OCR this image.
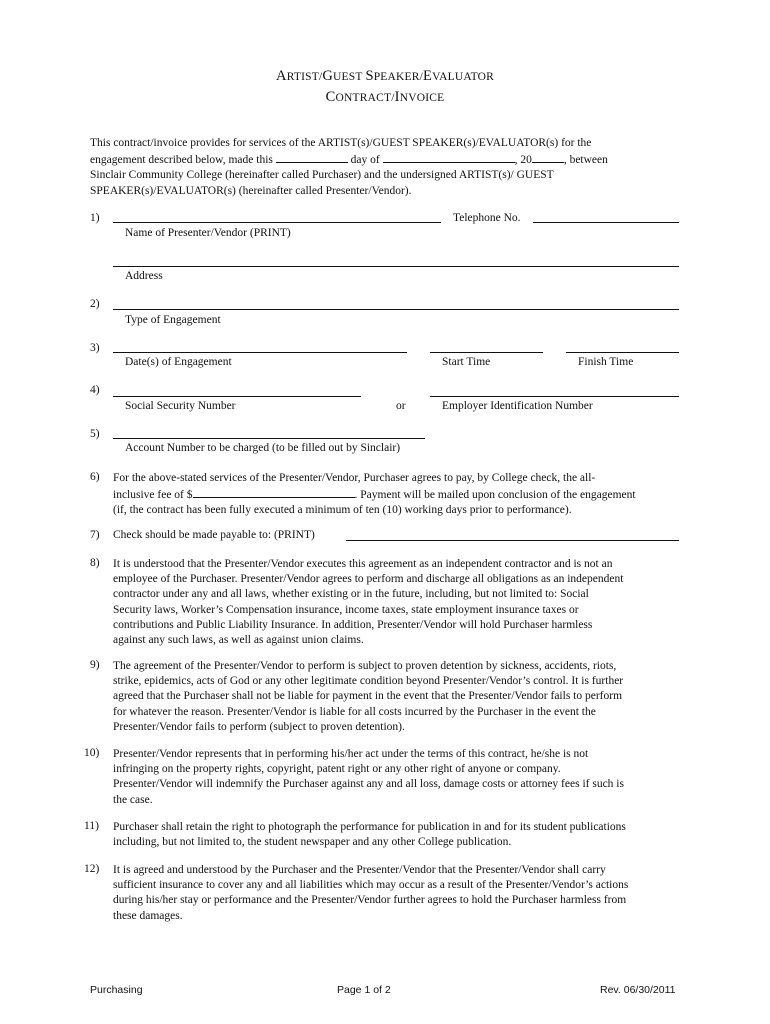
ARTIST/GUEST SPEAKER/EVALUATOR
CONTRACT/INVOICE
This contract/invoice provides for services of the ARTIST(s)/GUEST SPEAKER(s)/EVALUATOR(s) for the
engagement described below, made this	day of	, 20	, between
Sinclair Community College (hereinafter called Purchaser) and the undersigned ARTIST(s)/ GUEST
SPEAKER(s)/EVALUATOR(s) (hereinafter called Presenter/Vendor).
1)
Name of Presenter/Vendor (PRINT)
Telephone No.
Address
2)
Type of Engagement
3)
Date(s) of Engagement	Start Time	Finish Time
4)
Social Security Number	or	Employer Identification Number
5)
Account Number to be charged (to be filled out by Sinclair)
6) For the above-stated services of the Presenter/Vendor, Purchaser agrees to pay, by College check, the all-
inclusive fee of $	. Payment will be mailed upon conclusion of the engagement
(if, the contract has been fully executed a minimum of ten (10) working days prior to performance).
7) Check should be made payable to: (PRINT)
8) It is understood that the Presenter/Vendor executes this agreement as an independent contractor and is not an
employee of the Purchaser. Presenter/Vendor agrees to perform and discharge all obligations as an independent
contractor under any and all laws, whether existing or in the future, including, but not limited to: Social
Security laws, Worker’s Compensation insurance, income taxes, state employment insurance taxes or
contributions and Public Liability Insurance. In addition, Presenter/Vendor will hold Purchaser harmless
against any such laws, as well as against union claims.
9) The agreement of the Presenter/Vendor to perform is subject to proven detention by sickness, accidents, riots,
strike, epidemics, acts of God or any other legitimate condition beyond Presenter/Vendor’s control. It is further
agreed that the Purchaser shall not be liable for payment in the event that the Presenter/Vendor fails to perform
for whatever the reason. Presenter/Vendor is liable for all costs incurred by the Purchaser in the event the
Presenter/Vendor fails to perform (subject to proven detention).
10) Presenter/Vendor represents that in performing his/her act under the terms of this contract, he/she is not
infringing on the property rights, copyright, patent right or any other right of anyone or company.
Presenter/Vendor will indemnify the Purchaser against any and all loss, damage costs or attorney fees if such is
the case.
11) Purchaser shall retain the right to photograph the performance for publication in and for its student publications
including, but not limited to, the student newspaper and any other College publication.
12) It is agreed and understood by the Purchaser and the Presenter/Vendor that the Presenter/Vendor shall carry
sufficient insurance to cover any and all liabilities which may occur as a result of the Presenter/Vendor’s actions
during his/her stay or performance and the Presenter/Vendor further agrees to hold the Purchaser harmless from
these damages.
Purchasing	Page 1 of 2	Rev. 06/30/2011
